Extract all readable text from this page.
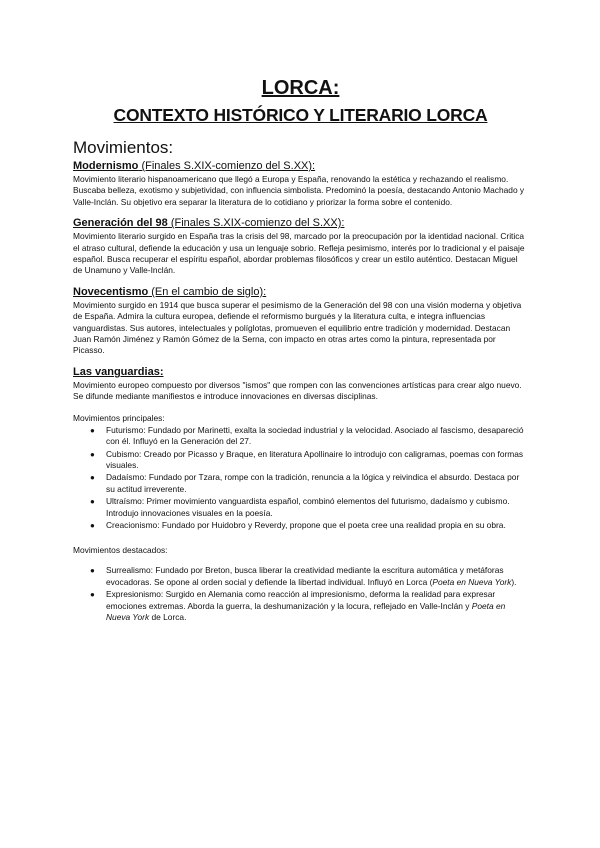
LORCA:
CONTEXTO HISTÓRICO Y LITERARIO LORCA
Movimientos:

Modernismo (Finales S.XIX-comienzo del S.XX):

Movimiento literario hispanoamericano que llegó a Europa y España, renovando la estética y rechazando el realismo. Buscaba belleza, exotismo y subjetividad, con influencia simbolista. Predominó la poesía, destacando Antonio Machado y Valle-Inclán. Su objetivo era separar la literatura de lo cotidiano y priorizar la forma sobre el contenido.

Generación del 98 (Finales S.XIX-comienzo del S.XX):

Movimiento literario surgido en España tras la crisis del 98, marcado por la preocupación por la identidad nacional. Critica el atraso cultural, defiende la educación y usa un lenguaje sobrio. Refleja pesimismo, interés por lo tradicional y el paisaje español. Busca recuperar el espíritu español, abordar problemas filosóficos y crear un estilo auténtico. Destacan Miguel de Unamuno y Valle-Inclán.

Novecentismo (En el cambio de siglo):

Movimiento surgido en 1914 que busca superar el pesimismo de la Generación del 98 con una visión moderna y objetiva de España. Admira la cultura europea, defiende el reformismo burgués y la literatura culta, e integra influencias vanguardistas. Sus autores, intelectuales y políglotas, promueven el equilibrio entre tradición y modernidad. Destacan Juan Ramón Jiménez y Ramón Gómez de la Serna, con impacto en otras artes como la pintura, representada por Picasso.

Las vanguardias:

Movimiento europeo compuesto por diversos "ismos" que rompen con las convenciones artísticas para crear algo nuevo. Se difunde mediante manifiestos e introduce innovaciones en diversas disciplinas.

Movimientos principales:

● Futurismo: Fundado por Marinetti, exalta la sociedad industrial y la velocidad. Asociado al fascismo, desapareció con él. Influyó en la Generación del 27.
● Cubismo: Creado por Picasso y Braque, en literatura Apollinaire lo introdujo con caligramas, poemas con formas visuales.
● Dadaísmo: Fundado por Tzara, rompe con la tradición, renuncia a la lógica y reivindica el absurdo. Destaca por su actitud irreverente.
● Ultraísmo: Primer movimiento vanguardista español, combinó elementos del futurismo, dadaísmo y cubismo. Introdujo innovaciones visuales en la poesía.
● Creacionismo: Fundado por Huidobro y Reverdy, propone que el poeta cree una realidad propia en su obra.

Movimientos destacados:

● Surrealismo: Fundado por Breton, busca liberar la creatividad mediante la escritura automática y metáforas evocadoras. Se opone al orden social y defiende la libertad individual. Influyó en Lorca (Poeta en Nueva York).
● Expresionismo: Surgido en Alemania como reacción al impresionismo, deforma la realidad para expresar emociones extremas. Aborda la guerra, la deshumanización y la locura, reflejado en Valle-Inclán y Poeta en Nueva York de Lorca.
